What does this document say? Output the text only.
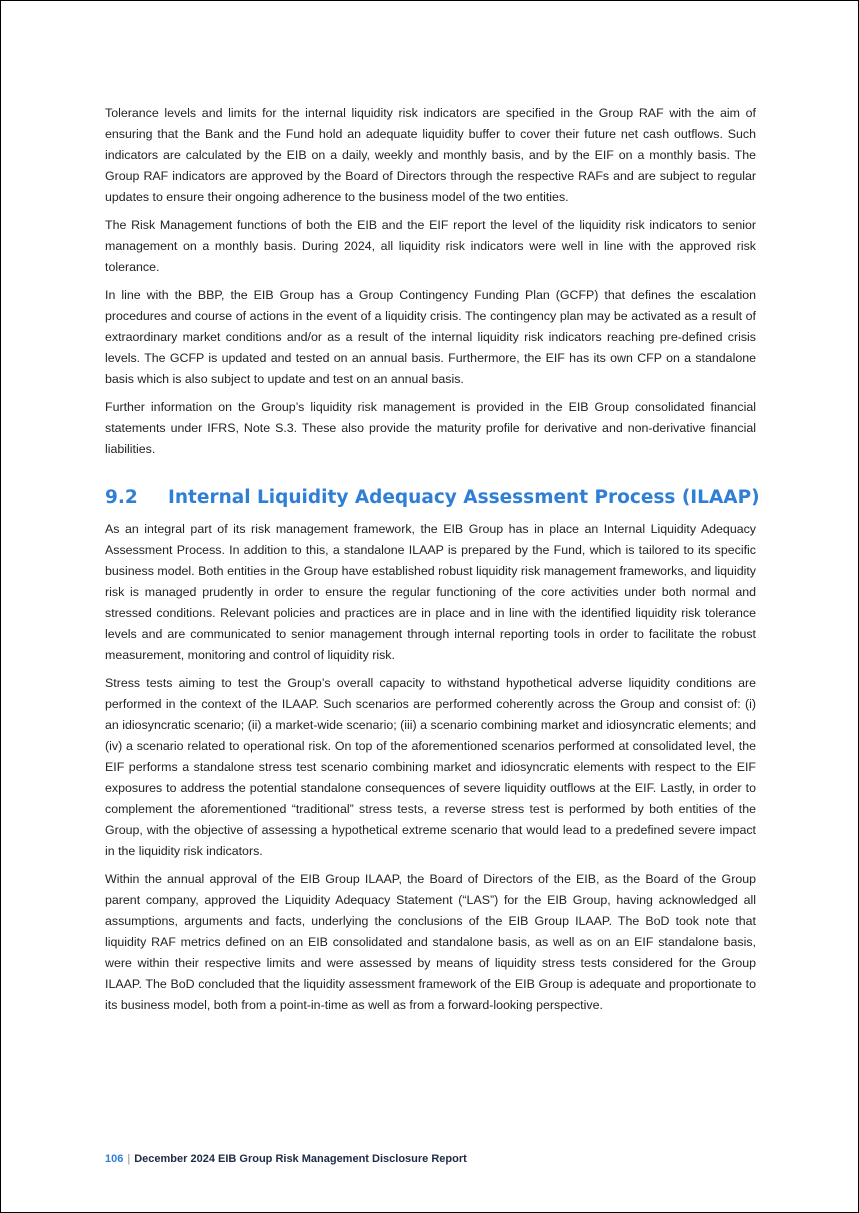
Tolerance levels and limits for the internal liquidity risk indicators are specified in the Group RAF with the aim of ensuring that the Bank and the Fund hold an adequate liquidity buffer to cover their future net cash outflows. Such indicators are calculated by the EIB on a daily, weekly and monthly basis, and by the EIF on a monthly basis. The Group RAF indicators are approved by the Board of Directors through the respective RAFs and are subject to regular updates to ensure their ongoing adherence to the business model of the two entities.

The Risk Management functions of both the EIB and the EIF report the level of the liquidity risk indicators to senior management on a monthly basis. During 2024, all liquidity risk indicators were well in line with the approved risk tolerance.

In line with the BBP, the EIB Group has a Group Contingency Funding Plan (GCFP) that defines the escalation procedures and course of actions in the event of a liquidity crisis. The contingency plan may be activated as a result of extraordinary market conditions and/or as a result of the internal liquidity risk indicators reaching pre-defined crisis levels. The GCFP is updated and tested on an annual basis. Furthermore, the EIF has its own CFP on a standalone basis which is also subject to update and test on an annual basis.

Further information on the Group’s liquidity risk management is provided in the EIB Group consolidated financial statements under IFRS, Note S.3. These also provide the maturity profile for derivative and non-derivative financial liabilities.

9.2	Internal Liquidity Adequacy Assessment Process (ILAAP)

As an integral part of its risk management framework, the EIB Group has in place an Internal Liquidity Adequacy Assessment Process. In addition to this, a standalone ILAAP is prepared by the Fund, which is tailored to its specific business model. Both entities in the Group have established robust liquidity risk management frameworks, and liquidity risk is managed prudently in order to ensure the regular functioning of the core activities under both normal and stressed conditions. Relevant policies and practices are in place and in line with the identified liquidity risk tolerance levels and are communicated to senior management through internal reporting tools in order to facilitate the robust measurement, monitoring and control of liquidity risk.

Stress tests aiming to test the Group’s overall capacity to withstand hypothetical adverse liquidity conditions are performed in the context of the ILAAP. Such scenarios are performed coherently across the Group and consist of: (i) an idiosyncratic scenario; (ii) a market-wide scenario; (iii) a scenario combining market and idiosyncratic elements; and (iv) a scenario related to operational risk. On top of the aforementioned scenarios performed at consolidated level, the EIF performs a standalone stress test scenario combining market and idiosyncratic elements with respect to the EIF exposures to address the potential standalone consequences of severe liquidity outflows at the EIF. Lastly, in order to complement the aforementioned “traditional” stress tests, a reverse stress test is performed by both entities of the Group, with the objective of assessing a hypothetical extreme scenario that would lead to a predefined severe impact in the liquidity risk indicators.

Within the annual approval of the EIB Group ILAAP, the Board of Directors of the EIB, as the Board of the Group parent company, approved the Liquidity Adequacy Statement (“LAS”) for the EIB Group, having acknowledged all assumptions, arguments and facts, underlying the conclusions of the EIB Group ILAAP. The BoD took note that liquidity RAF metrics defined on an EIB consolidated and standalone basis, as well as on an EIF standalone basis, were within their respective limits and were assessed by means of liquidity stress tests considered for the Group ILAAP. The BoD concluded that the liquidity assessment framework of the EIB Group is adequate and proportionate to its business model, both from a point-in-time as well as from a forward-looking perspective.

106 | December 2024 EIB Group Risk Management Disclosure Report
